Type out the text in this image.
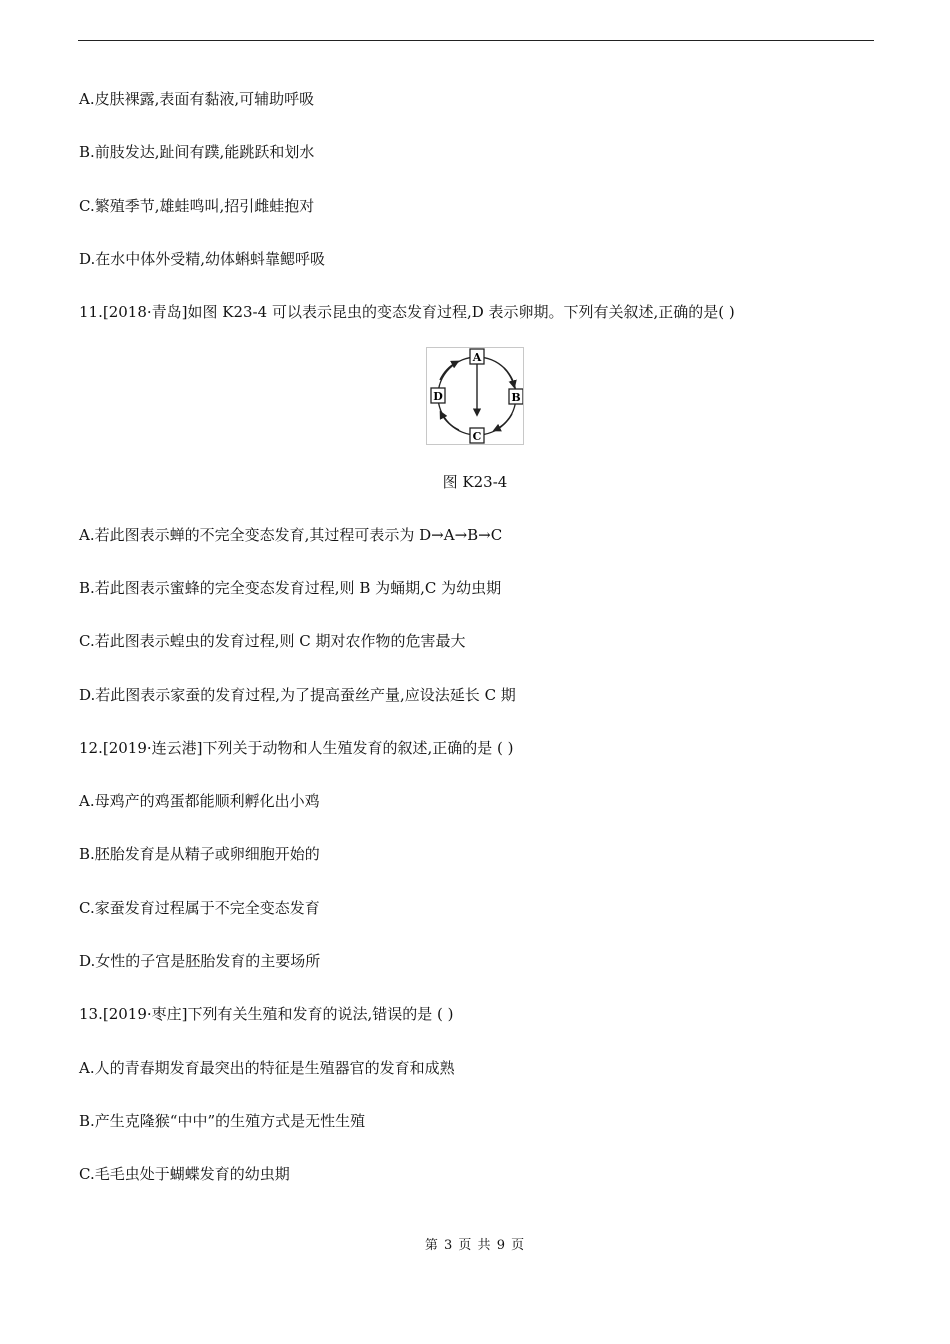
A.皮肤裸露,表面有黏液,可辅助呼吸
B.前肢发达,趾间有蹼,能跳跃和划水
C.繁殖季节,雄蛙鸣叫,招引雌蛙抱对
D.在水中体外受精,幼体蝌蚪靠鳃呼吸
11.[2018·青岛]如图 K23-4 可以表示昆虫的变态发育过程,D 表示卵期。下列有关叙述,正确的是( )
A
B
C
D
图 K23-4
A.若此图表示蝉的不完全变态发育,其过程可表示为 D→A→B→C
B.若此图表示蜜蜂的完全变态发育过程,则 B 为蛹期,C 为幼虫期
C.若此图表示蝗虫的发育过程,则 C 期对农作物的危害最大
D.若此图表示家蚕的发育过程,为了提高蚕丝产量,应设法延长 C 期
12.[2019·连云港]下列关于动物和人生殖发育的叙述,正确的是 ( )
A.母鸡产的鸡蛋都能顺利孵化出小鸡
B.胚胎发育是从精子或卵细胞开始的
C.家蚕发育过程属于不完全变态发育
D.女性的子宫是胚胎发育的主要场所
13.[2019·枣庄]下列有关生殖和发育的说法,错误的是 ( )
A.人的青春期发育最突出的特征是生殖器官的发育和成熟
B.产生克隆猴“中中”的生殖方式是无性生殖
C.毛毛虫处于蝴蝶发育的幼虫期
第 3 页 共 9 页
